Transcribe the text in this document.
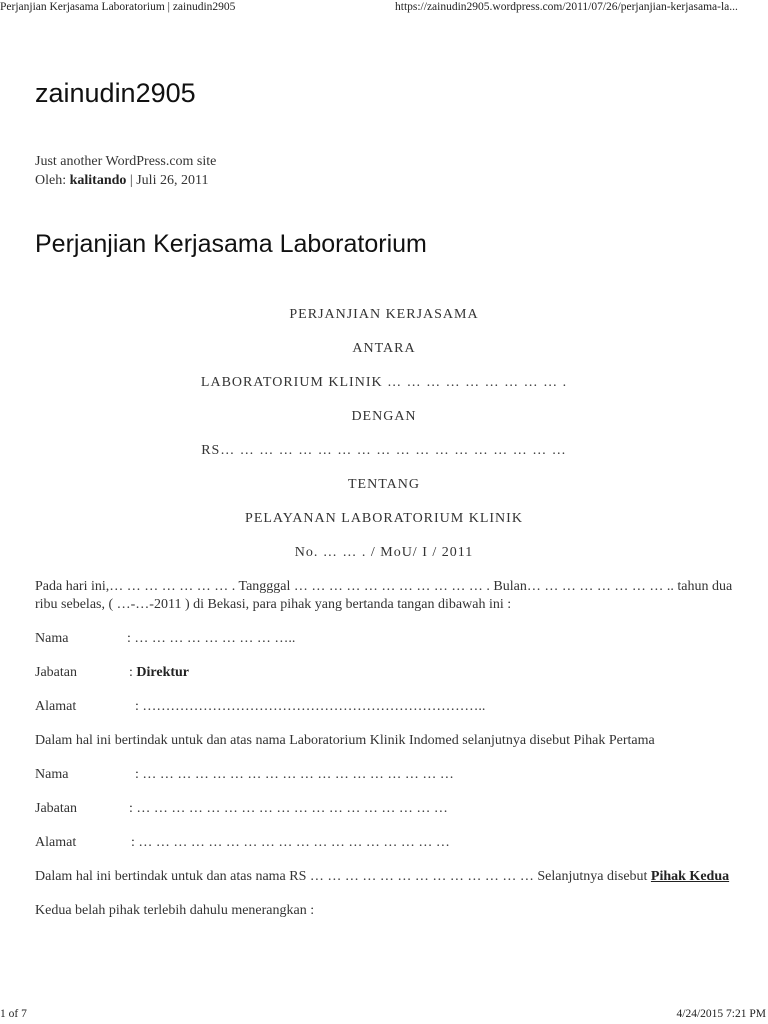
Perjanjian Kerjasama Laboratorium | zainudin2905	https://zainudin2905.wordpress.com/2011/07/26/perjanjian-kerjasama-la...
zainudin2905
Just another WordPress.com site
Oleh: kalitando | Juli 26, 2011
Perjanjian Kerjasama Laboratorium
PERJANJIAN KERJASAMA
ANTARA
LABORATORIUM KLINIK … … … … … … … … … .
DENGAN
RS… … … … … … … … … … … … … … … … … …
TENTANG
PELAYANAN LABORATORIUM KLINIK
No. … … . / MoU/ I / 2011

Pada hari ini,… … … … … … … . Tangggal … … … … … … … … … … … . Bulan… … … … … … … … .. tahun dua ribu sebelas, ( …-…-2011 ) di Bekasi, para pihak yang bertanda tangan dibawah ini :

Nama	: … … … … … … … … …..
Jabatan	: Direktur
Alamat	: ………………………………………………………………..

Dalam hal ini bertindak untuk dan atas nama Laboratorium Klinik Indomed selanjutnya disebut Pihak Pertama

Nama	: … … … … … … … … … … … … … … … … … …
Jabatan	: … … … … … … … … … … … … … … … … … …
Alamat	: … … … … … … … … … … … … … … … … … …

Dalam hal ini bertindak untuk dan atas nama RS … … … … … … … … … … … … … Selanjutnya disebut Pihak Kedua

Kedua belah pihak terlebih dahulu menerangkan :

1 of 7	4/24/2015 7:21 PM
